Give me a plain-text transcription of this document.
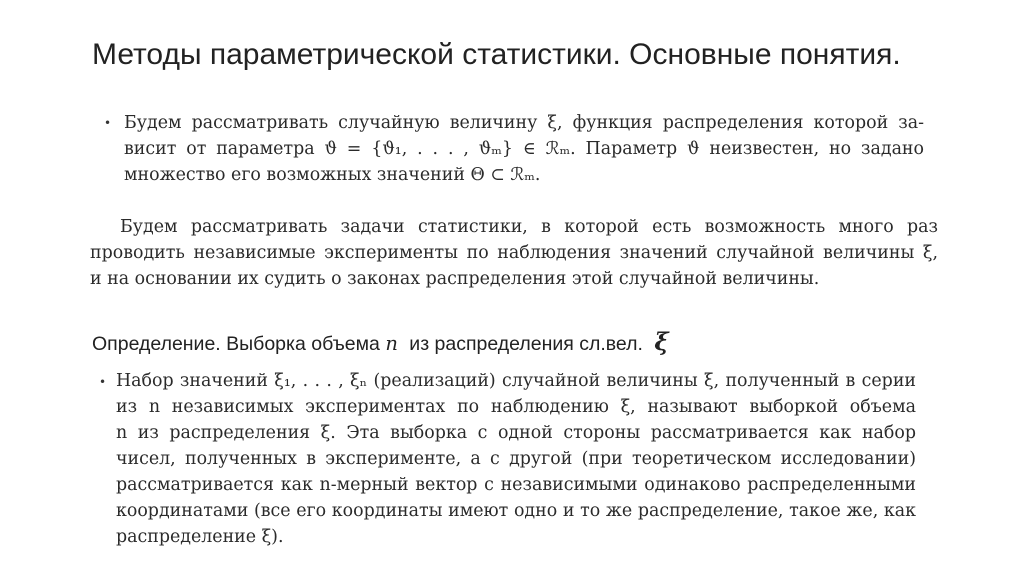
Методы параметрической статистики. Основные понятия.
• Будем рассматривать случайную величину ξ, функция распределения которой за-
висит от параметра ϑ = {ϑ₁, . . . , ϑₘ} ∈ ℛₘ. Параметр ϑ неизвестен, но задано
множество его возможных значений Θ ⊂ ℛₘ.
Будем рассматривать задачи статистики, в которой есть возможность много раз
проводить независимые эксперименты по наблюдения значений случайной величины ξ,
и на основании их судить о законах распределения этой случайной величины.
Определение. Выборка объема n из распределения сл.вел. ξ
• Набор значений ξ₁, . . . , ξₙ (реализаций) случайной величины ξ, полученный в серии
из n независимых экспериментах по наблюдению ξ, называют выборкой объема
n из распределения ξ. Эта выборка с одной стороны рассматривается как набор
чисел, полученных в эксперименте, а с другой (при теоретическом исследовании)
рассматривается как n-мерный вектор с независимыми одинаково распределенными
координатами (все его координаты имеют одно и то же распределение, такое же, как
распределение ξ).
